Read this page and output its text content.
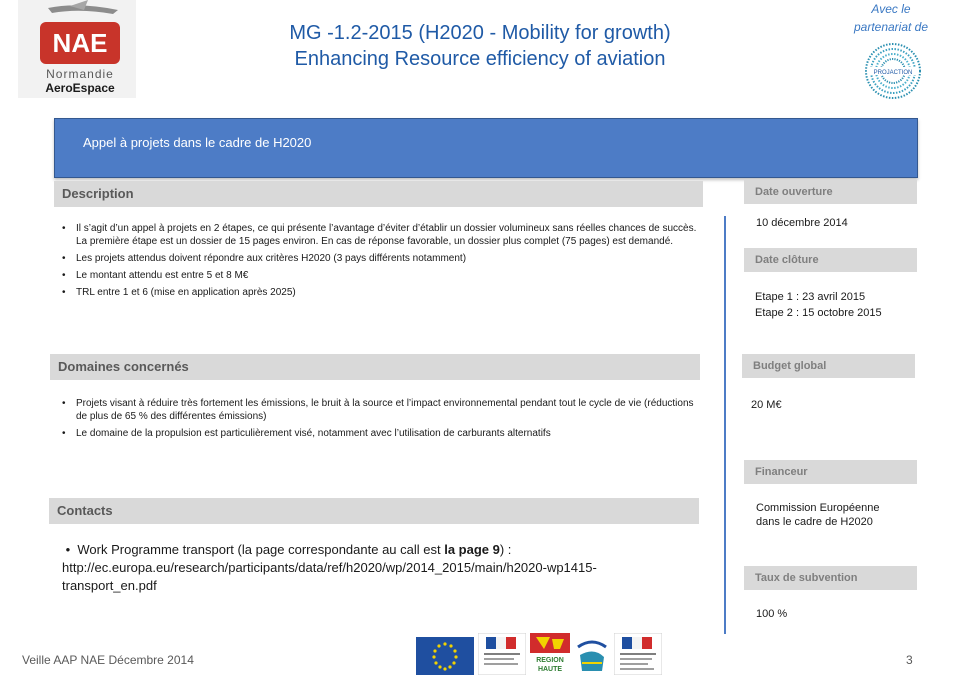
NAE
Normandie
AeroEspace
MG -1.2-2015 (H2020 - Mobility for growth)
Enhancing Resource efficiency of aviation
Avec le
partenariat de
PROJACTION
Appel à projets dans le cadre de H2020
Description
• Il s’agit d’un appel à projets en 2 étapes, ce qui présente l’avantage d’éviter d’établir un dossier volumineux sans réelles chances de succès. La première étape est un dossier de 15 pages environ. En cas de réponse favorable, un dossier plus complet (75 pages) est demandé.
• Les projets attendus doivent répondre aux critères H2020 (3 pays différents notamment)
• Le montant attendu est entre 5 et 8 M€
• TRL entre 1 et 6 (mise en application après 2025)
Domaines concernés
• Projets visant à réduire très fortement les émissions, le bruit à la source et l’impact environnemental pendant tout le cycle de vie (réductions de plus de 65 % des différentes émissions)
• Le domaine de la propulsion est particulièrement visé, notamment avec l’utilisation de carburants alternatifs
Contacts
•  Work Programme transport (la page correspondante au call est la page 9) :
http://ec.europa.eu/research/participants/data/ref/h2020/wp/2014_2015/main/h2020-wp1415-
transport_en.pdf
Date ouverture
10 décembre 2014
Date clôture
Etape 1 : 23 avril 2015
Etape 2 : 15 octobre 2015
Budget global
20 M€
Financeur
Commission Européenne
dans le cadre de H2020
Taux de subvention
100 %
Veille AAP NAE Décembre 2014	3
REGION
HAUTE
